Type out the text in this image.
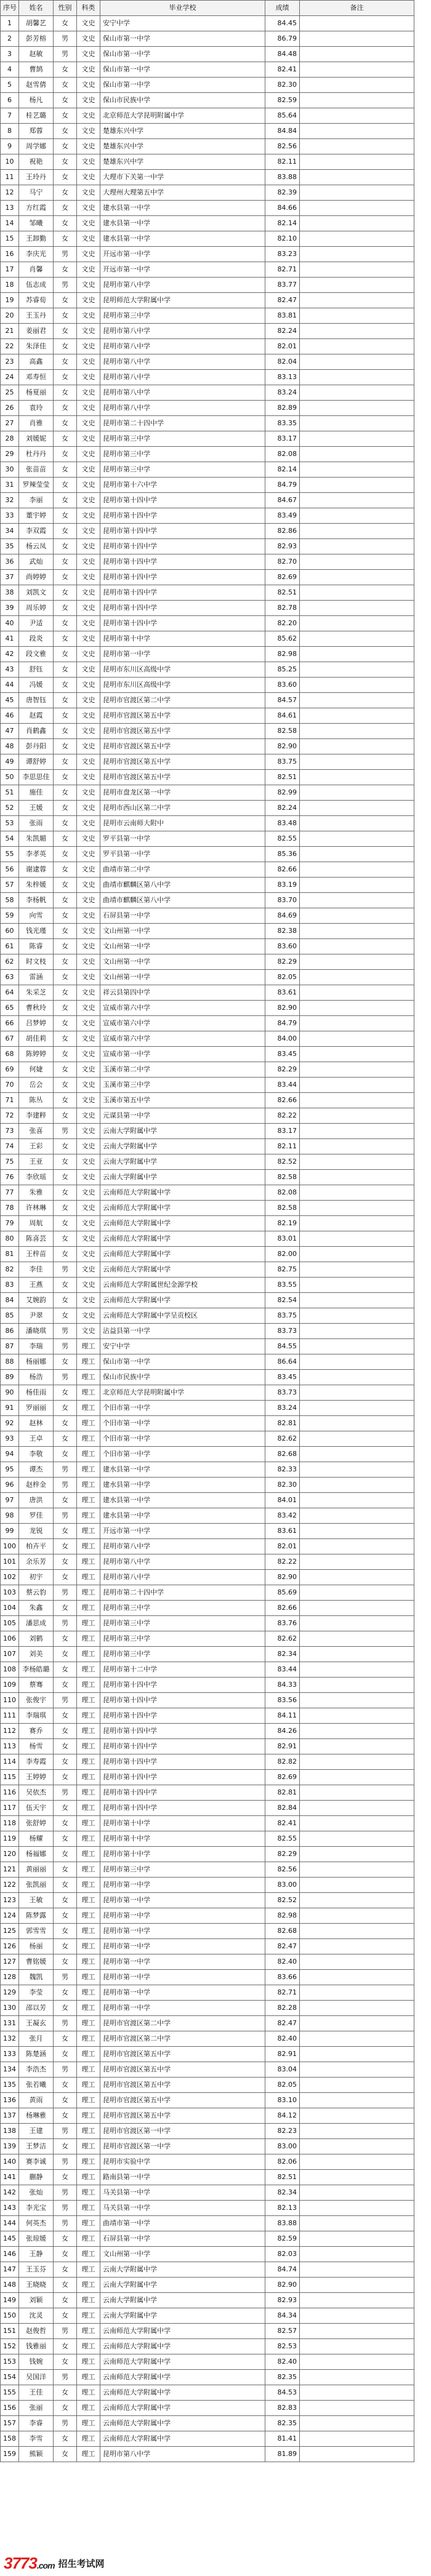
序号	姓名	性别	科类	毕业学校	成绩	备注
1	胡馨艺	女	文史	安宁中学	84.45	
2	彭芳榕	男	文史	保山市第一中学	86.79	
3	赵敏	男	文史	保山市第一中学	84.48	
4	曹鹄	女	文史	保山市第一中学	82.41	
5	赵雪倩	女	文史	保山市第一中学	82.30	
6	杨凡	女	文史	保山市民族中学	82.59	
7	桂艺璐	女	文史	北京师范大学昆明附属中学	85.64	
8	郑蓉	女	文史	楚雄东兴中学	84.84	
9	周学娜	女	文史	楚雄东兴中学	82.56	
10	祝艳	女	文史	楚雄东兴中学	82.11	
11	王玲丹	女	文史	大理市下关第一中学	83.88	
12	马宁	女	文史	大理州大理第五中学	82.39	
13	方红霞	女	文史	建水县第一中学	84.66	
14	邹曦	女	文史	建水县第一中学	82.14	
15	王卸勤	女	文史	建水县第一中学	82.10	
16	李庆光	男	文史	开远市第一中学	83.23	
17	肖馨	女	文史	开远市第一中学	82.71	
18	伍志成	男	文史	昆明市第八中学	83.77	
19	苏睿荀	女	文史	昆明师范大学附属中学	82.47	
20	王玉丹	女	文史	昆明市第三中学	83.81	
21	姜丽君	女	文史	昆明市第八中学	82.24	
22	朱泽佳	女	文史	昆明市第八中学	82.01	
23	高鑫	女	文史	昆明市第八中学	82.04	
24	邓寿恒	女	文史	昆明市第八中学	83.13	
25	杨夏丽	女	文史	昆明市第八中学	83.24	
26	袁玲	女	文史	昆明市第八中学	82.89	
27	肖雅	女	文史	昆明市第二十四中学	83.35	
28	刘媛妮	女	文史	昆明市第三中学	83.17	
29	杜丹丹	女	文史	昆明市第三中学	82.08	
30	张苗苗	女	文史	昆明市第三中学	82.14	
31	罗辣莹莹	女	文史	昆明市第十六中学	84.79	
32	李丽	女	文史	昆明市第十四中学	84.67	
33	董宇婷	女	文史	昆明市第十四中学	83.49	
34	李双霞	女	文史	昆明市第十四中学	82.86	
35	杨云凤	女	文史	昆明市第十四中学	82.93	
36	武灿	女	文史	昆明市第十四中学	82.70	
37	尚婷婷	女	文史	昆明市第十四中学	82.69	
38	刘凯文	女	文史	昆明市第十四中学	82.51	
39	周乐婷	女	文史	昆明市第十四中学	82.78	
40	尹适	女	文史	昆明市第十四中学	82.20	
41	段炎	女	文史	昆明市第十中学	85.62	
42	段文雅	女	文史	昆明市第一中学	82.98	
43	舒钰	女	文史	昆明市东川区高级中学	85.25	
44	冯媛	女	文史	昆明市东川区高级中学	83.60	
45	唐智钰	女	文史	昆明市官渡区第二中学	84.57	
46	赵霞	女	文史	昆明市官渡区第五中学	84.61	
47	肖鹤鑫	女	文史	昆明市官渡区第五中学	82.58	
48	彭丹阳	女	文史	昆明市官渡区第五中学	82.90	
49	谭舒婷	女	文史	昆明市官渡区第五中学	83.75	
50	李思思佳	女	文史	昆明市官渡区第五中学	82.51	
51	施佳	女	文史	昆明市盘龙区第一中学	82.99	
52	王媛	女	文史	昆明市西山区第二中学	82.24	
53	张雨	女	文史	昆明市云南师大附中	83.48	
54	朱凯媚	女	文史	罗平县第一中学	82.55	
55	李孝英	女	文史	罗平县第一中学	85.36	
56	谢逮蓉	女	文史	曲靖市第二中学	82.66	
57	朱梓媛	女	文史	曲靖市麒麟区第八中学	83.19	
58	李杨帆	女	文史	曲靖市麒麟区第八中学	83.70	
59	向雪	女	文史	石屏县第一中学	84.69	
60	钱光瑾	女	文史	文山州第一中学	82.38	
61	陈睿	女	文史	文山州第一中学	83.60	
62	时文枝	女	文史	文山州第一中学	82.29	
63	雷涵	女	文史	文山州第一中学	82.05	
64	朱采芝	女	文史	祥云县第四中学	83.61	
65	曹秋玲	女	文史	宣威市第六中学	82.90	
66	吕梦婷	女	文史	宣威市第六中学	84.79	
67	胡佳莉	女	文史	宣威市第六中学	84.00	
68	陈婷婷	女	文史	宣威市第一中学	83.45	
69	何婕	女	文史	玉溪市第二中学	82.29	
70	岳会	女	文史	玉溪市第三中学	83.44	
71	陈丛	女	文史	玉溪市第五中学	82.66	
72	李建粹	女	文史	元谋县第一中学	82.22	
73	张喜	男	文史	云南大学附属中学	83.17	
74	王彩	女	文史	云南大学附属中学	82.11	
75	王亚	女	文史	云南大学附属中学	82.52	
76	李欣瑶	女	文史	云南大学附属中学	82.58	
77	朱雅	女	文史	云南师范大学附属中学	82.08	
78	许林琳	女	文史	云南师范大学附属中学	82.58	
79	周航	女	文史	云南师范大学附属中学	82.19	
80	陈喜芸	女	文史	云南师范大学附属中学	83.01	
81	王梓苗	女	文史	云南师范大学附属中学	82.00	
82	李佳	男	文史	云南师范大学附属中学	82.75	
83	王燕	女	文史	云南师范大学附属世纪金源学校	83.55	
84	艾婉韵	女	文史	云南师范大学附属中学	82.54	
85	尹翠	女	文史	云南师范大学附属中学呈贡校区	83.75	
86	潘晓琪	男	文史	沾益县第一中学	83.73	
87	李瑞	男	理工	安宁中学	84.55	
88	杨丽娜	女	理工	保山市第一中学	86.64	
89	杨浩	男	理工	保山市民族中学	83.45	
90	杨佳雨	女	理工	北京师范大学昆明附属中学	83.73	
91	罗丽丽	女	理工	个旧市第一中学	83.24	
92	赵林	女	理工	个旧市第一中学	82.81	
93	王卓	女	理工	个旧市第一中学	82.62	
94	李敬	女	理工	个旧市第一中学	82.68	
95	谭杰	男	理工	建水县第一中学	82.33	
96	赵梓金	男	理工	建水县第一中学	82.30	
97	唐洪	女	理工	建水县第一中学	84.01	
98	罗佳	男	理工	建水县第一中学	83.42	
99	龙锐	女	理工	开远市第一中学	83.61	
100	柏卉平	女	理工	昆明市第八中学	82.01	
101	余乐芳	女	理工	昆明市第八中学	82.22	
102	初宇	女	理工	昆明市第八中学	82.90	
103	蔡云豹	男	理工	昆明市第二十四中学	85.69	
104	朱鑫	女	理工	昆明市第三中学	82.66	
105	潘思成	男	理工	昆明市第三中学	83.76	
106	刘鹤	女	理工	昆明市第三中学	82.62	
107	刘美	女	理工	昆明市第三中学	82.34	
108	李杨皓璐	女	理工	昆明市第十二中学	83.44	
109	蔡骞	女	理工	昆明市第十四中学	84.33	
110	张俊宇	男	理工	昆明市第十四中学	83.56	
111	李瑞琪	女	理工	昆明市第十四中学	84.11	
112	赛乔	女	理工	昆明市第十四中学	84.26	
113	杨雪	女	理工	昆明市第十四中学	82.91	
114	李寿霞	女	理工	昆明市第十四中学	82.82	
115	王婷婷	女	理工	昆明市第十四中学	82.69	
116	吴依杰	男	理工	昆明市第十四中学	82.81	
117	伍天宇	女	理工	昆明市第十四中学	82.84	
118	张舒婷	女	理工	昆明市第十中学	82.41	
119	杨耀	女	理工	昆明市第十中学	82.55	
120	杨福娜	女	理工	昆明市第十中学	82.29	
121	黄丽丽	女	理工	昆明市第三中学	82.56	
122	张凯丽	女	理工	昆明市第一中学	83.00	
123	王敏	女	理工	昆明市第一中学	82.52	
124	陈梦露	女	理工	昆明市第一中学	82.98	
125	郭雪雪	女	理工	昆明市第一中学	82.68	
126	杨丽	女	理工	昆明市第一中学	82.47	
127	曹铭媛	女	理工	昆明市第一中学	82.40	
128	魏凯	男	理工	昆明市第一中学	83.66	
129	李莹	女	理工	昆明市第一中学	82.71	
130	邵以芳	女	理工	昆明市第一中学	82.28	
131	王凝玄	男	理工	昆明市官渡区第二中学	82.47	
132	张月	女	理工	昆明市官渡区第二中学	82.40	
133	陈楚涵	女	理工	昆明市官渡区第五中学	82.91	
134	李浩杰	男	理工	昆明市官渡区第五中学	83.04	
135	张若曦	女	理工	昆明市官渡区第五中学	82.05	
136	黄雨	女	理工	昆明市官渡区第五中学	83.10	
137	杨琳雅	女	理工	昆明市官渡区第五中学	84.12	
138	王建	男	理工	昆明市官渡区第一中学	82.23	
139	王梦洁	女	理工	昆明市官渡区第一中学	83.00	
140	赛李诚	男	理工	昆明市实验中学	82.06	
141	蒯静	女	理工	路南县第一中学	82.51	
142	张灿	男	理工	马关县第一中学	82.34	
143	李光宝	男	理工	马关县第一中学	82.13	
144	何英杰	男	理工	曲靖市第一中学	83.88	
145	张琼媛	女	理工	石屏县第一中学	82.59	
146	王静	女	理工	文山州第一中学	82.03	
147	王玉芬	女	理工	云南大学附属中学	84.74	
148	王晓晓	女	理工	云南大学附属中学	82.90	
149	刘颖	女	理工	云南大学附属中学	82.93	
150	沈灵	女	理工	云南大学附属中学	84.34	
151	赵俊哲	男	理工	云南师范大学附属中学	82.57	
152	钱雅丽	女	理工	云南师范大学附属中学	82.53	
153	钱婉	女	理工	云南师范大学附属中学	82.40	
154	吴国洋	男	理工	云南师范大学附属中学	82.35	
155	王佳	女	理工	云南师范大学附属中学	84.53	
156	张丽	女	理工	云南师范大学附属中学	82.83	
157	李睿	男	理工	云南师范大学附属中学	82.35	
158	李雪	女	理工	云南师范大学附属中学	81.41	
159	熊颖	女	理工	昆明市第八中学	81.89	
3773.com 招生考试网
